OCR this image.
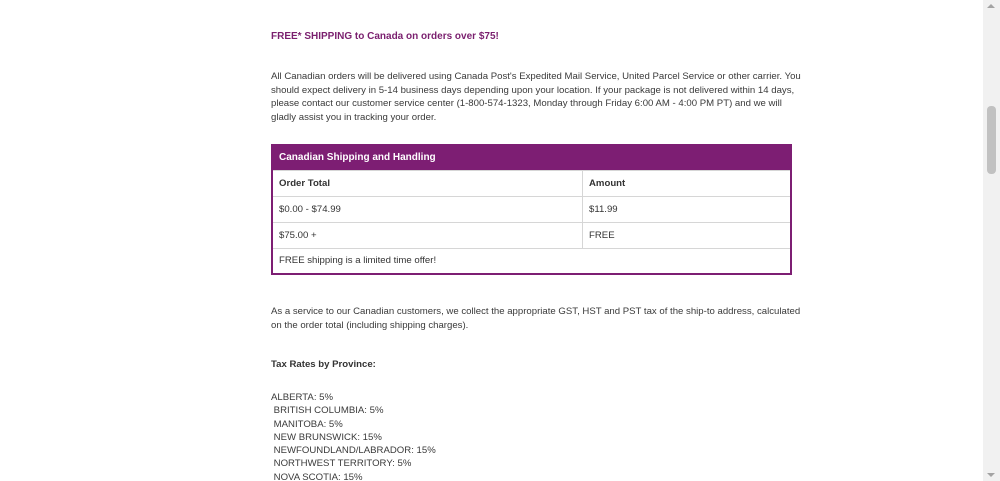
FREE* SHIPPING to Canada on orders over $75!
All Canadian orders will be delivered using Canada Post's Expedited Mail Service, United Parcel Service or other carrier. You should expect delivery in 5-14 business days depending upon your location. If your package is not delivered within 14 days, please contact our customer service center (1-800-574-1323, Monday through Friday 6:00 AM - 4:00 PM PT) and we will gladly assist you in tracking your order.
Canadian Shipping and Handling
Order Total	Amount
$0.00 - $74.99	$11.99
$75.00 +	FREE
FREE shipping is a limited time offer!
As a service to our Canadian customers, we collect the appropriate GST, HST and PST tax of the ship-to address, calculated on the order total (including shipping charges).
Tax Rates by Province:
ALBERTA: 5%
BRITISH COLUMBIA: 5%
MANITOBA: 5%
NEW BRUNSWICK: 15%
NEWFOUNDLAND/LABRADOR: 15%
NORTHWEST TERRITORY: 5%
NOVA SCOTIA: 15%
